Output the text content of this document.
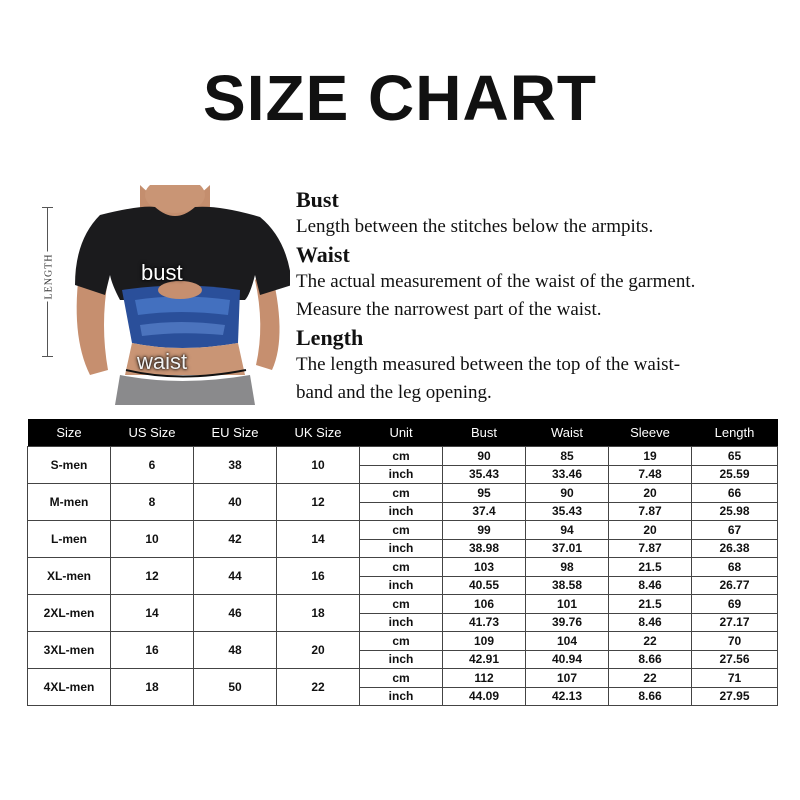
SIZE CHART
LENGTH	bust
waist
Bust

Length between the stitches below the armpits.

Waist

The actual measurement of the waist of the garment.

Measure the narrowest part of the waist.

Length

The length measured between the top of the waist-

band and the leg opening.

Size	US Size	EU Size	UK Size	Unit	Bust	Waist	Sleeve	Length
S-men	6	38	10	cm	90	85	19	65
				inch	35.43	33.46	7.48	25.59
M-men	8	40	12	cm	95	90	20	66
				inch	37.4	35.43	7.87	25.98
L-men	10	42	14	cm	99	94	20	67
				inch	38.98	37.01	7.87	26.38
XL-men	12	44	16	cm	103	98	21.5	68
				inch	40.55	38.58	8.46	26.77
2XL-men	14	46	18	cm	106	101	21.5	69
				inch	41.73	39.76	8.46	27.17
3XL-men	16	48	20	cm	109	104	22	70
				inch	42.91	40.94	8.66	27.56
4XL-men	18	50	22	cm	112	107	22	71
				inch	44.09	42.13	8.66	27.95
